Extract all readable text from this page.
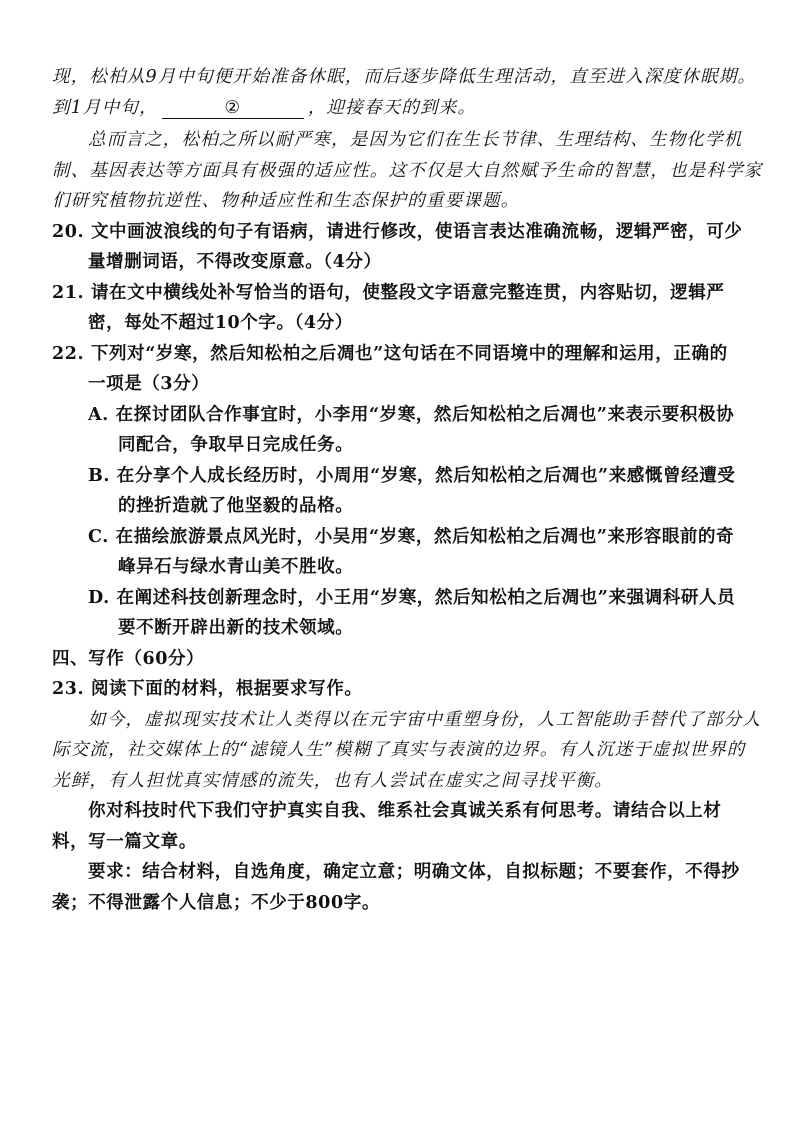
现，松柏从9月中旬便开始准备休眠，而后逐步降低生理活动，直至进入深度休眠期。
到1月中旬，	②	，迎接春天的到来。
总而言之，松柏之所以耐严寒，是因为它们在生长节律、生理结构、生物化学机
制、基因表达等方面具有极强的适应性。这不仅是大自然赋予生命的智慧，也是科学家
们研究植物抗逆性、物种适应性和生态保护的重要课题。
20. 文中画波浪线的句子有语病，请进行修改，使语言表达准确流畅，逻辑严密，可少
量增删词语，不得改变原意。（4分）
21. 请在文中横线处补写恰当的语句，使整段文字语意完整连贯，内容贴切，逻辑严
密，每处不超过10个字。（4分）
22. 下列对“岁寒，然后知松柏之后凋也”这句话在不同语境中的理解和运用，正确的
一项是（3分）
A. 在探讨团队合作事宜时，小李用“岁寒，然后知松柏之后凋也”来表示要积极协
同配合，争取早日完成任务。
B. 在分享个人成长经历时，小周用“岁寒，然后知松柏之后凋也”来感慨曾经遭受
的挫折造就了他坚毅的品格。
C. 在描绘旅游景点风光时，小吴用“岁寒，然后知松柏之后凋也”来形容眼前的奇
峰异石与绿水青山美不胜收。
D. 在阐述科技创新理念时，小王用“岁寒，然后知松柏之后凋也”来强调科研人员
要不断开辟出新的技术领域。
四、写作（60分）
23. 阅读下面的材料，根据要求写作。
如今，虚拟现实技术让人类得以在元宇宙中重塑身份，人工智能助手替代了部分人
际交流，社交媒体上的“滤镜人生”模糊了真实与表演的边界。有人沉迷于虚拟世界的
光鲜，有人担忧真实情感的流失，也有人尝试在虚实之间寻找平衡。
你对科技时代下我们守护真实自我、维系社会真诚关系有何思考。请结合以上材
料，写一篇文章。
要求：结合材料，自选角度，确定立意；明确文体，自拟标题；不要套作，不得抄
袭；不得泄露个人信息；不少于800字。
